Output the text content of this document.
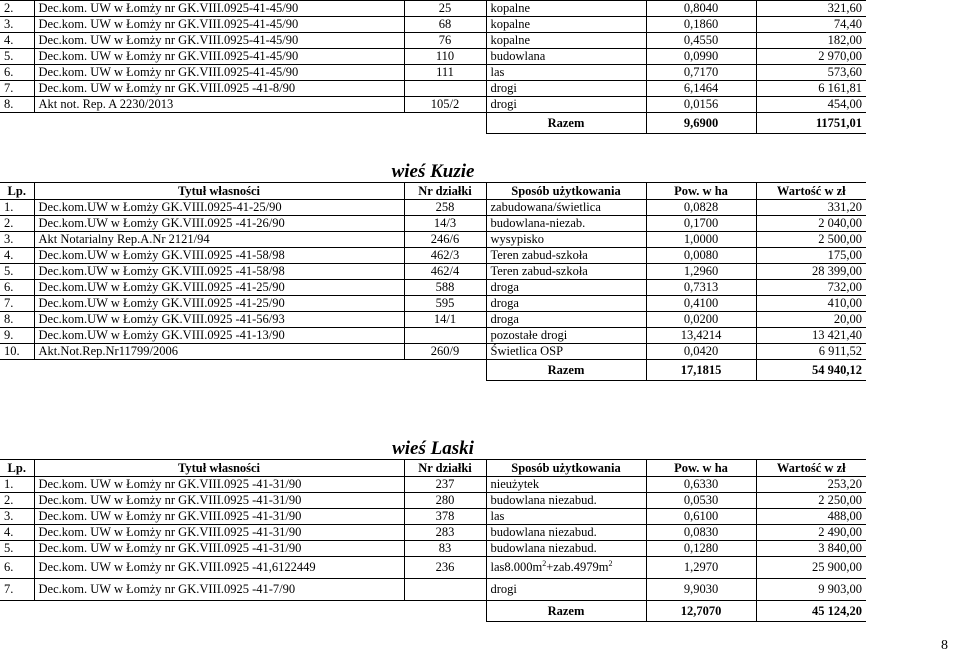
2.	Dec.kom. UW w Łomży nr GK.VIII.0925-41-45/90	25	kopalne	0,8040	321,60
3.	Dec.kom. UW w Łomży nr GK.VIII.0925-41-45/90	68	kopalne	0,1860	74,40
4.	Dec.kom. UW w Łomży nr GK.VIII.0925-41-45/90	76	kopalne	0,4550	182,00
5.	Dec.kom. UW w Łomży nr GK.VIII.0925-41-45/90	110	budowlana	0,0990	2 970,00
6.	Dec.kom. UW w Łomży nr GK.VIII.0925-41-45/90	111	las	0,7170	573,60
7.	Dec.kom. UW w Łomży nr GK.VIII.0925 -41-8/90		drogi	6,1464	6 161,81
8.	Akt not. Rep. A 2230/2013	105/2	drogi	0,0156	454,00
			Razem	9,6900	11751,01
wieś Kuzie					
Lp.	Tytuł własności	Nr działki	Sposób użytkowania	Pow. w ha	Wartość w zł
1.	Dec.kom.UW w Łomży GK.VIII.0925-41-25/90	258	zabudowana/świetlica	0,0828	331,20
2.	Dec.kom.UW w Łomży GK.VIII.0925 -41-26/90	14/3	budowlana-niezab.	0,1700	2 040,00
3.	Akt Notarialny Rep.A.Nr 2121/94	246/6	wysypisko	1,0000	2 500,00
4.	Dec.kom.UW w Łomży GK.VIII.0925 -41-58/98	462/3	Teren zabud-szkoła	0,0080	175,00
5.	Dec.kom.UW w Łomży GK.VIII.0925 -41-58/98	462/4	Teren zabud-szkoła	1,2960	28 399,00
6.	Dec.kom.UW w Łomży GK.VIII.0925 -41-25/90	588	droga	0,7313	732,00
7.	Dec.kom.UW w Łomży GK.VIII.0925 -41-25/90	595	droga	0,4100	410,00
8.	Dec.kom.UW w Łomży GK.VIII.0925 -41-56/93	14/1	droga	0,0200	20,00
9.	Dec.kom.UW w Łomży GK.VIII.0925 -41-13/90		pozostałe drogi	13,4214	13 421,40
10.	Akt.Not.Rep.Nr11799/2006	260/9	Świetlica OSP	0,0420	6 911,52
			Razem	17,1815	54 940,12
wieś Laski					
Lp.	Tytuł własności	Nr działki	Sposób użytkowania	Pow. w ha	Wartość w zł
1.	Dec.kom. UW w Łomży nr GK.VIII.0925 -41-31/90	237	nieużytek	0,6330	253,20
2.	Dec.kom. UW w Łomży nr GK.VIII.0925 -41-31/90	280	budowlana niezabud.	0,0530	2 250,00
3.	Dec.kom. UW w Łomży nr GK.VIII.0925 -41-31/90	378	las	0,6100	488,00
4.	Dec.kom. UW w Łomży nr GK.VIII.0925 -41-31/90	283	budowlana niezabud.	0,0830	2 490,00
5.	Dec.kom. UW w Łomży nr GK.VIII.0925 -41-31/90	83	budowlana niezabud.	0,1280	3 840,00
6.	Dec.kom. UW w Łomży nr GK.VIII.0925 -41,6122449	236	$las8.000m^2+zab.4979m^2$	1,2970	25 900,00
7.	Dec.kom. UW w Łomży nr GK.VIII.0925 -41-7/90		drogi	9,9030	9 903,00
			Razem	12,7070	45 124,20
8
